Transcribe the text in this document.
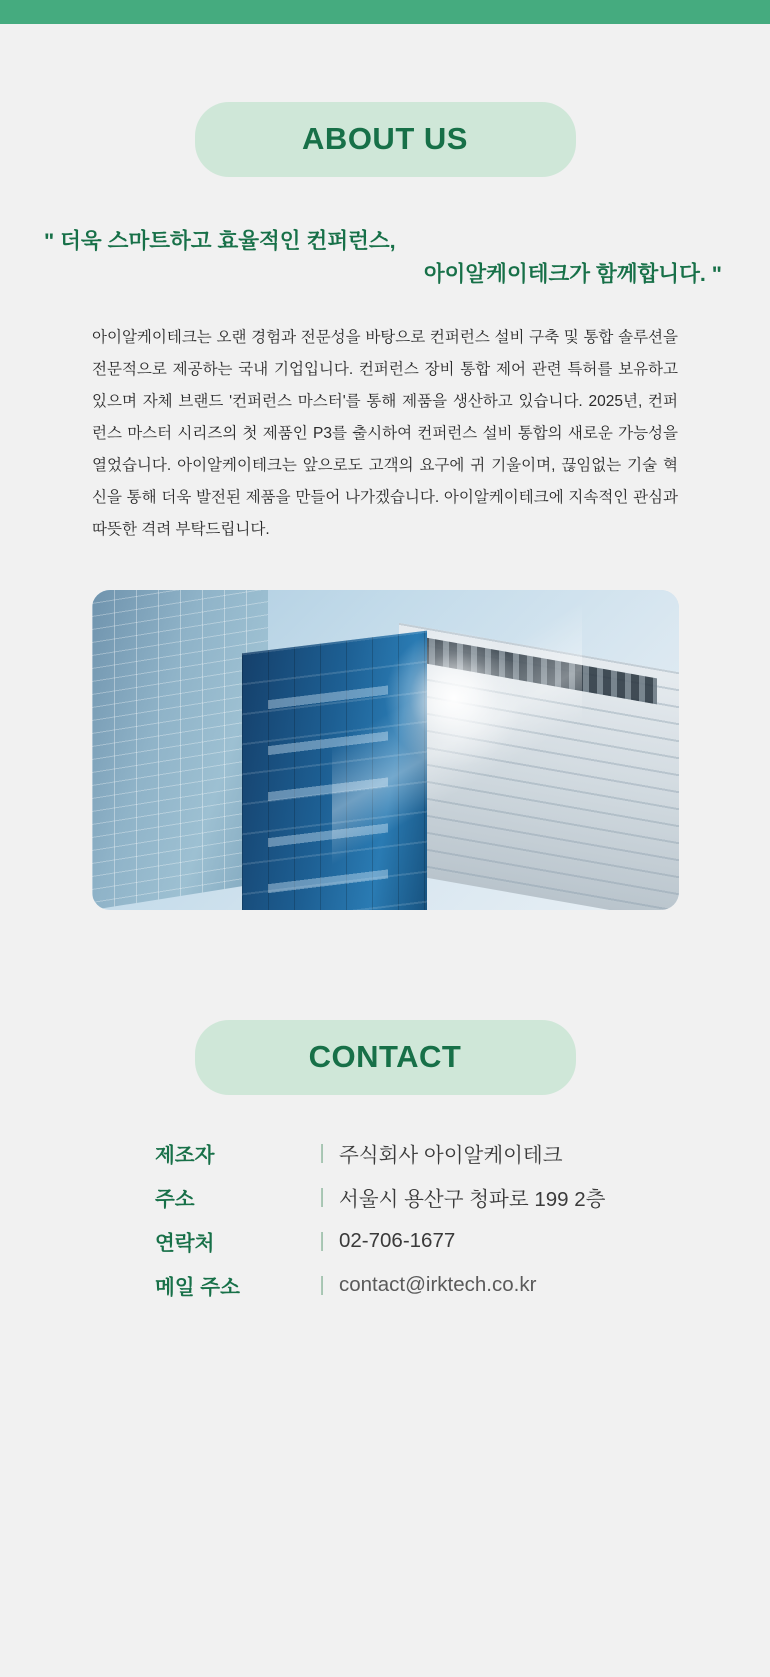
ABOUT US
" 더욱 스마트하고 효율적인 컨퍼런스,
아이알케이테크가 함께합니다. "
아이알케이테크는 오랜 경험과 전문성을 바탕으로 컨퍼런스 설비 구축 및 통합 솔루션을 전문적으로 제공하는 국내 기업입니다. 컨퍼런스 장비 통합 제어 관련 특허를 보유하고 있으며 자체 브랜드 '컨퍼런스 마스터'를 통해 제품을 생산하고 있습니다. 2025년, 컨퍼런스 마스터 시리즈의 첫 제품인 P3를 출시하여 컨퍼런스 설비 통합의 새로운 가능성을 열었습니다. 아이알케이테크는 앞으로도 고객의 요구에 귀 기울이며, 끊임없는 기술 혁신을 통해 더욱 발전된 제품을 만들어 나가겠습니다. 아이알케이테크에 지속적인 관심과 따뜻한 격려 부탁드립니다.
CONTACT
제조자	|	주식회사 아이알케이테크
주소	|	서울시 용산구 청파로 199 2층
연락처	|	02-706-1677
메일 주소	|	contact@irktech.co.kr
